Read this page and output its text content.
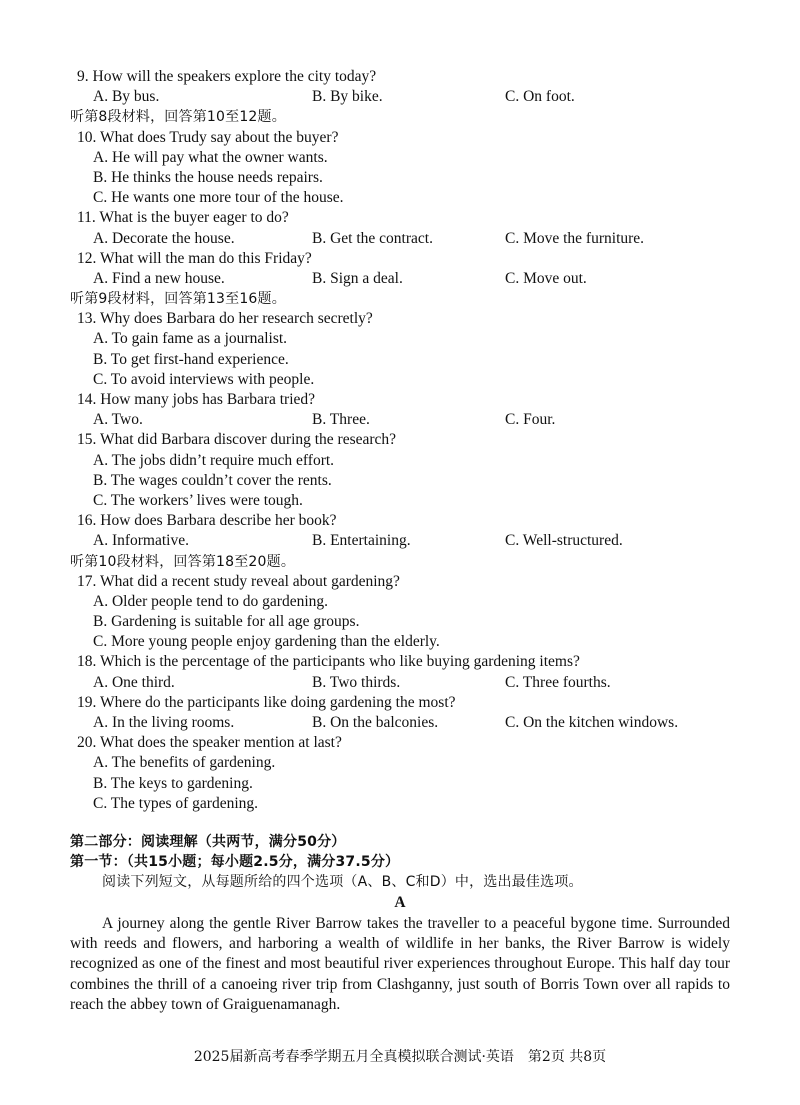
9. How will the speakers explore the city today?
A. By bus.	B. By bike.	C. On foot.
听第8段材料，回答第10至12题。
10. What does Trudy say about the buyer?
A. He will pay what the owner wants.
B. He thinks the house needs repairs.
C. He wants one more tour of the house.
11. What is the buyer eager to do?
A. Decorate the house.	B. Get the contract.	C. Move the furniture.
12. What will the man do this Friday?
A. Find a new house.	B. Sign a deal.	C. Move out.
听第9段材料，回答第13至16题。
13. Why does Barbara do her research secretly?
A. To gain fame as a journalist.
B. To get first-hand experience.
C. To avoid interviews with people.
14. How many jobs has Barbara tried?
A. Two.	B. Three.	C. Four.
15. What did Barbara discover during the research?
A. The jobs didn’t require much effort.
B. The wages couldn’t cover the rents.
C. The workers’ lives were tough.
16. How does Barbara describe her book?
A. Informative.	B. Entertaining.	C. Well-structured.
听第10段材料，回答第18至20题。
17. What did a recent study reveal about gardening?
A. Older people tend to do gardening.
B. Gardening is suitable for all age groups.
C. More young people enjoy gardening than the elderly.
18. Which is the percentage of the participants who like buying gardening items?
A. One third.	B. Two thirds.	C. Three fourths.
19. Where do the participants like doing gardening the most?
A. In the living rooms.	B. On the balconies.	C. On the kitchen windows.
20. What does the speaker mention at last?
A. The benefits of gardening.
B. The keys to gardening.
C. The types of gardening.
第二部分：阅读理解（共两节，满分50分）
第一节：（共15小题；每小题2.5分，满分37.5分）
阅读下列短文，从每题所给的四个选项（A、B、C和D）中，选出最佳选项。
A
A journey along the gentle River Barrow takes the traveller to a peaceful bygone time. Surrounded with reeds and flowers, and harboring a wealth of wildlife in her banks, the River Barrow is widely recognized as one of the finest and most beautiful river experiences throughout Europe. This half day tour combines the thrill of a canoeing river trip from Clashganny, just south of Borris Town over all rapids to reach the abbey town of Graiguenamanagh.
2025届新高考春季学期五月全真模拟联合测试·英语　第2页 共8页
